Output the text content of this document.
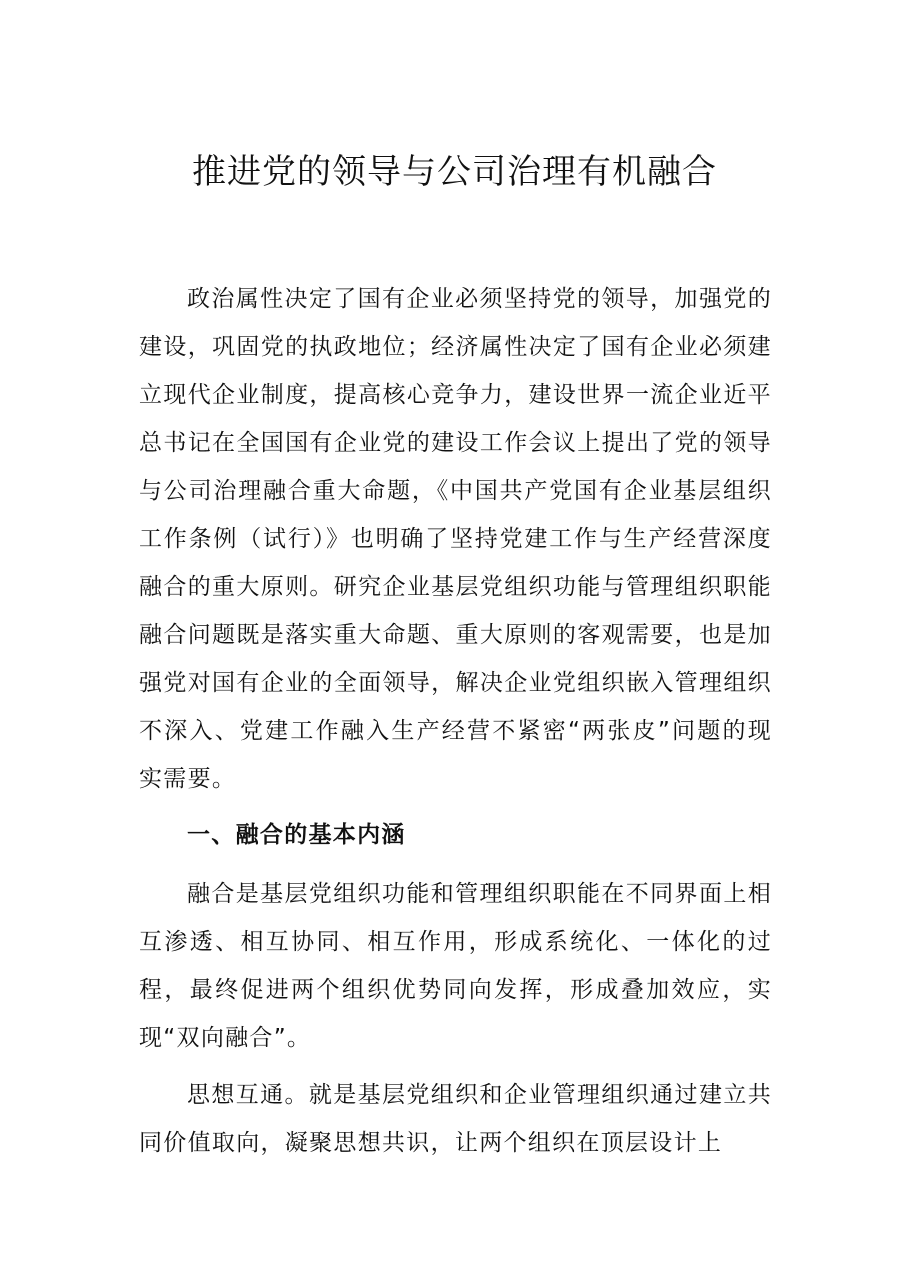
推进党的领导与公司治理有机融合

政治属性决定了国有企业必须坚持党的领导，加强党的建设，巩固党的执政地位；经济属性决定了国有企业必须建立现代企业制度，提高核心竞争力，建设世界一流企业近平总书记在全国国有企业党的建设工作会议上提出了党的领导与公司治理融合重大命题，《中国共产党国有企业基层组织工作条例（试行）》也明确了坚持党建工作与生产经营深度融合的重大原则。研究企业基层党组织功能与管理组织职能融合问题既是落实重大命题、重大原则的客观需要，也是加强党对国有企业的全面领导，解决企业党组织嵌入管理组织不深入、党建工作融入生产经营不紧密“两张皮”问题的现实需要。

一、融合的基本内涵

融合是基层党组织功能和管理组织职能在不同界面上相互渗透、相互协同、相互作用，形成系统化、一体化的过程，最终促进两个组织优势同向发挥，形成叠加效应，实现“双向融合”。

思想互通。就是基层党组织和企业管理组织通过建立共同价值取向，凝聚思想共识，让两个组织在顶层设计上
